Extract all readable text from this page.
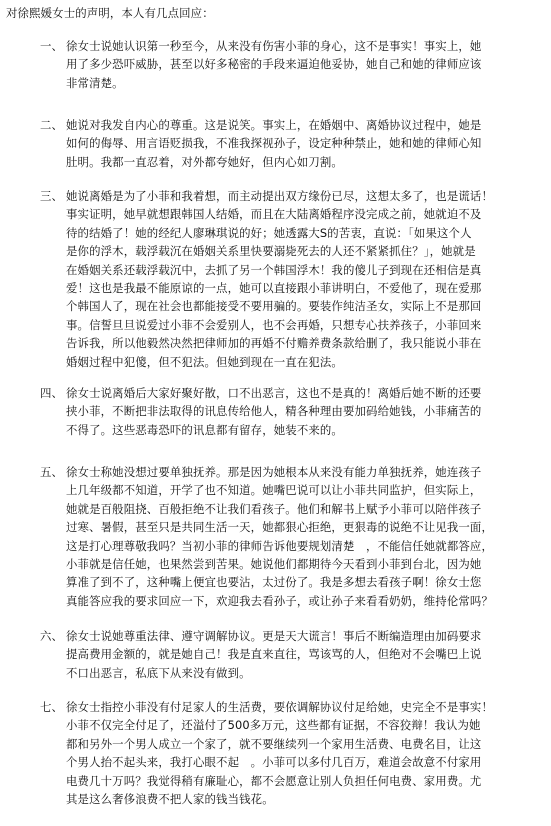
对徐熙媛女士的声明，本人有几点回应：
一、 徐女士说她认识第一秒至今，从来没有伤害小菲的身心，这不是事实！事实上，她
用了多少恐吓威胁，甚至以好多秘密的手段来逼迫他妥协，她自己和她的律师应该
非常清楚。
二、 她说对我发自内心的尊重。这是说笑。事实上，在婚姻中、离婚协议过程中，她是
如何的侮辱、用言语贬损我，不准我探视孙子，设定种种禁止，她和她的律师心知
肚明。我都一直忍着，对外都夸她好，但内心如刀割。
三、 她说离婚是为了小菲和我着想，而主动提出双方缘份已尽，这想太多了，也是谎话！
事实证明，她早就想跟韩国人结婚，而且在大陆离婚程序没完成之前，她就迫不及
待的结婚了！她的经纪人廖琳琪说的好；她透露大S的苦衷，直说：「如果这个人
是你的浮木，载浮载沉在婚姻关系里快要溺毙死去的人还不紧紧抓住？」，她就是
在婚姻关系还载浮载沉中，去抓了另一个韩国浮木！我的傻儿子到现在还相信是真
爱！这也是我最不能原谅的一点，她可以直接跟小菲讲明白，不爱他了，现在爱那
个韩国人了，现在社会也都能接受不要用骗的。要装作纯洁圣女，实际上不是那回
事。信誓旦旦说爱过小菲不会爱别人，也不会再婚，只想专心扶养孩子，小菲回来
告诉我，所以他毅然决然把律师加的再婚不付赡养费条款给删了，我只能说小菲在
婚姻过程中犯傻，但不犯法。但她到现在一直在犯法。
四、 徐女士说离婚后大家好聚好散，口不出恶言，这也不是真的！离婚后她不断的还要
挟小菲，不断把非法取得的讯息传给他人，精各种理由要加码给她钱，小菲痛苦的
不得了。这些恶毒恐吓的讯息都有留存，她装不来的。
五、 徐女士称她没想过要单独抚养。那是因为她根本从来没有能力单独抚养，她连孩子
上几年级都不知道，开学了也不知道。她嘴巴说可以让小菲共同监护，但实际上，
她就是百般阻挠、百般拒绝不让我们看孩子。他们和解书上赋予小菲可以陪伴孩子
过寒、暑假，甚至只是共同生活一天，她都狠心拒绝，更狠毒的说绝不让见我一面，
这是打心理尊敬我吗？当初小菲的律师告诉他要规划清楚　，不能信任她就都答应，
小菲就是信任她，也果然尝到苦果。她说他们都期待今天看到小菲到台北，因为她
算准了到不了，这种嘴上便宜也要沾，太过份了。我是多想去看孩子啊！徐女士您
真能答应我的要求回应一下，欢迎我去看孙子，或让孙子来看看奶奶，维持伦常吗？
六、 徐女士说她尊重法律、遵守调解协议。更是天大谎言！事后不断编造理由加码要求
提高费用金额的，就是她自己！我是直来直往，骂该骂的人，但绝对不会嘴巴上说
不口出恶言，私底下从来没有做到。
七、 徐女士指控小菲没有付足家人的生活费，要依调解协议付足给她，史完全不是事实！
小菲不仅完全付足了，还溢付了500多万元，这些都有证据，不容狡辩！我认为她
都和另外一个男人成立一个家了，就不要继续列一个家用生活费、电费名目，让这
个男人抬不起头来，我打心眼不起　。小菲可以多付几百万，难道会故意不付家用
电费几十万吗？我觉得稍有廉耻心，都不会愿意让别人负担任何电费、家用费。尤
其是这么奢侈浪费不把人家的钱当钱花。
